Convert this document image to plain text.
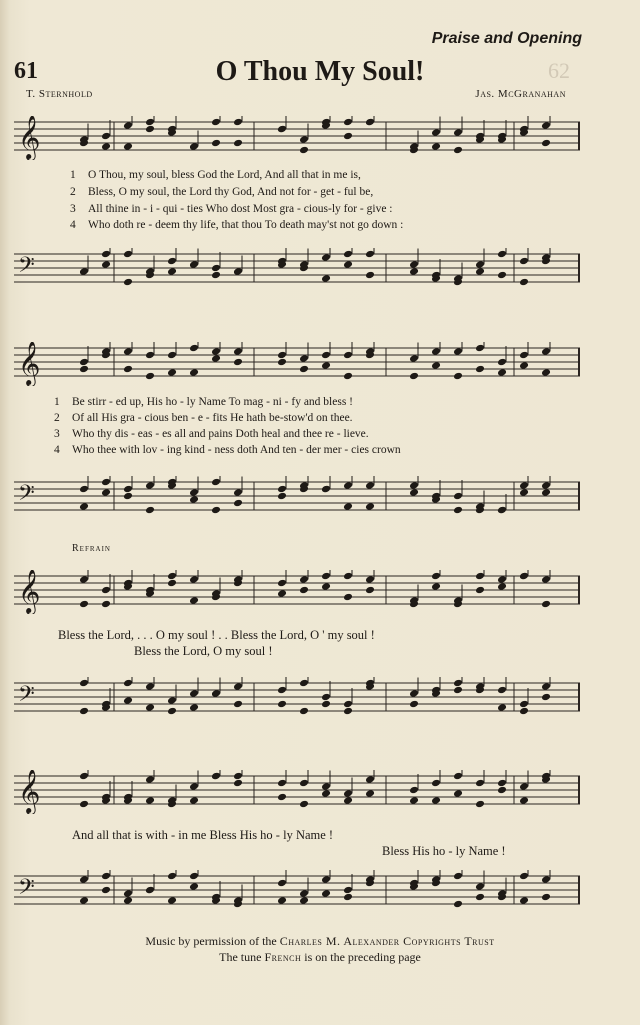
Praise and Opening
61	O Thou My Soul!	62
T. Sternhold	Jas. McGranahan
𝄞
𝄢
𝄞
𝄢
𝄞
𝄢
𝄞
𝄢
1 O Thou, my soul, bless God the Lord, And all that in me is,
2 Bless, O my soul, the Lord thy God, And not for - get - ful be,
3 All thine in - i - qui - ties Who dost Most gra - cious-ly for - give :
4 Who doth re - deem thy life, that thou To death may'st not go down :
1 Be stirr - ed up, His ho - ly Name To mag - ni - fy and bless !
2 Of all His gra - cious ben - e - fits He hath be-stow'd on thee.
3 Who thy dis - eas - es all and pains Doth heal and thee re - lieve.
4 Who thee with lov - ing kind - ness doth And ten - der mer - cies crown
Refrain
Bless the Lord, . . . O my soul ! . . Bless the Lord, O ' my soul !
Bless the Lord, O my soul !
And all that is with - in me Bless His ho - ly Name !
Bless His ho - ly Name !
Music by permission of the Charles M. Alexander Copyrights Trust
The tune French is on the preceding page
